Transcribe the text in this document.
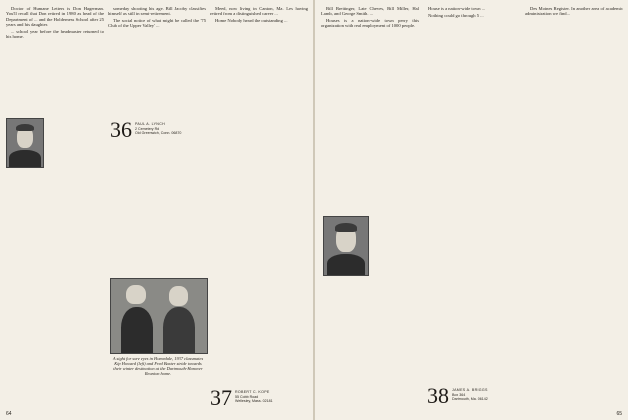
Doctor of Humane Letters is Don Hagerman. You'll recall that Don retired in 1980 as head of the Department of ... and the Holderness School after 25 years and his daughter.

... school year before the headmaster returned to his home.

someday shooting his age. Bill Jacoby classifies himself as still in semi-retirement.

The social notice of what might be called the '75 Club of the Upper Valley' ...

36 PAUL A. LYNCH
2 Cemetery Rd
Old Greenwich, Conn. 06870
A sight for sore eyes in Homedale, 1937 classmates Kip Howard (left) and Fred Baxter stride towards their winter destination at the Dartmouth-Hanover Reunion home.

Meed, now living in Canton, Ma. Les having retired from a distinguished career ...

Home Nobody heard the outstanding ...

37 ROBERT C. KOPE
55 Cobb Road
Wellesley, Mass. 02181
64

Bill Breitinger, Late Cheves, Bill Miller, Hal Lamb, and George Smith. ...

Houses is a nation-wide town perry this organization with real employment of 1000 people.

House is a nation-wide town ...

Nothing could go through 5 ...

38 JAMES A. BRIGGS
Box 364
Dartmouth, Ma. 06142

Des Moines Register. In another area of academic administration we find...

65
